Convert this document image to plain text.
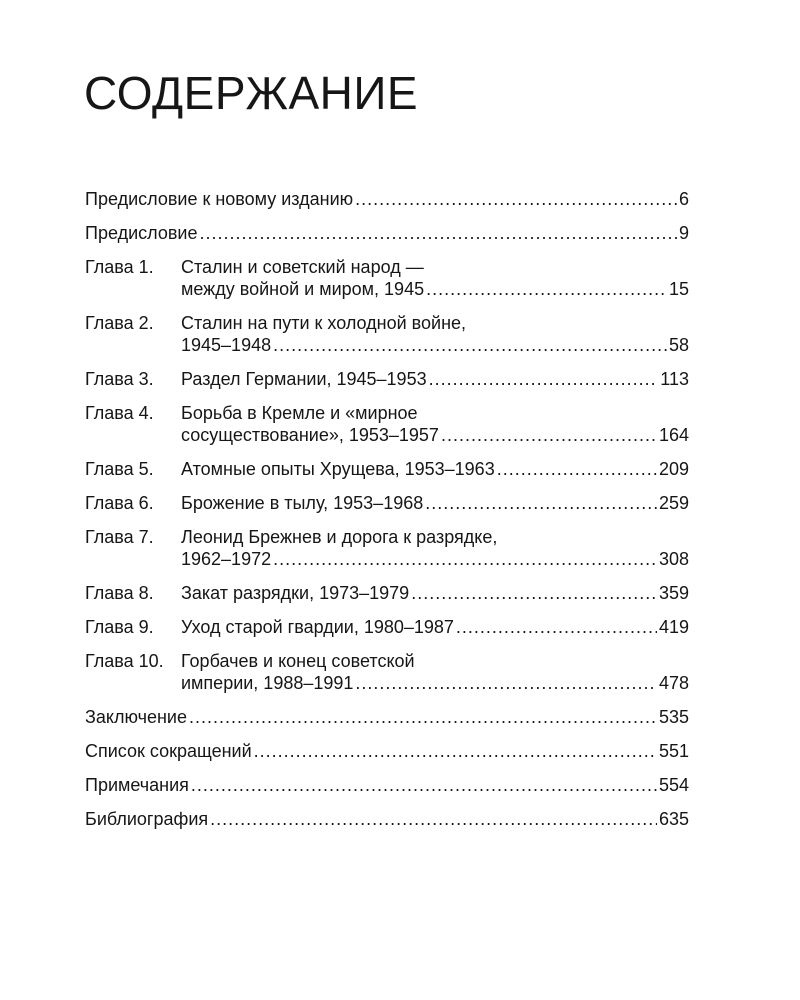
СОДЕРЖАНИЕ
Предисловие к новому изданию .....	6
Предисловие .....	9
Глава 1.	Сталин и советский народ —
между войной и миром, 1945 .....	15
Глава 2.	Сталин на пути к холодной войне,
1945–1948 .....	58
Глава 3.	Раздел Германии, 1945–1953 .....	113
Глава 4.	Борьба в Кремле и «мирное
сосуществование», 1953–1957 .....	164
Глава 5.	Атомные опыты Хрущева, 1953–1963 .....	209
Глава 6.	Брожение в тылу, 1953–1968 .....	259
Глава 7.	Леонид Брежнев и дорога к разрядке,
1962–1972 .....	308
Глава 8.	Закат разрядки, 1973–1979 .....	359
Глава 9.	Уход старой гвардии, 1980–1987 .....	419
Глава 10. Горбачев и конец советской
империи, 1988–1991 .....	478
Заключение .....	535
Список сокращений .....	551
Примечания .....	554
Библиография .....	635
